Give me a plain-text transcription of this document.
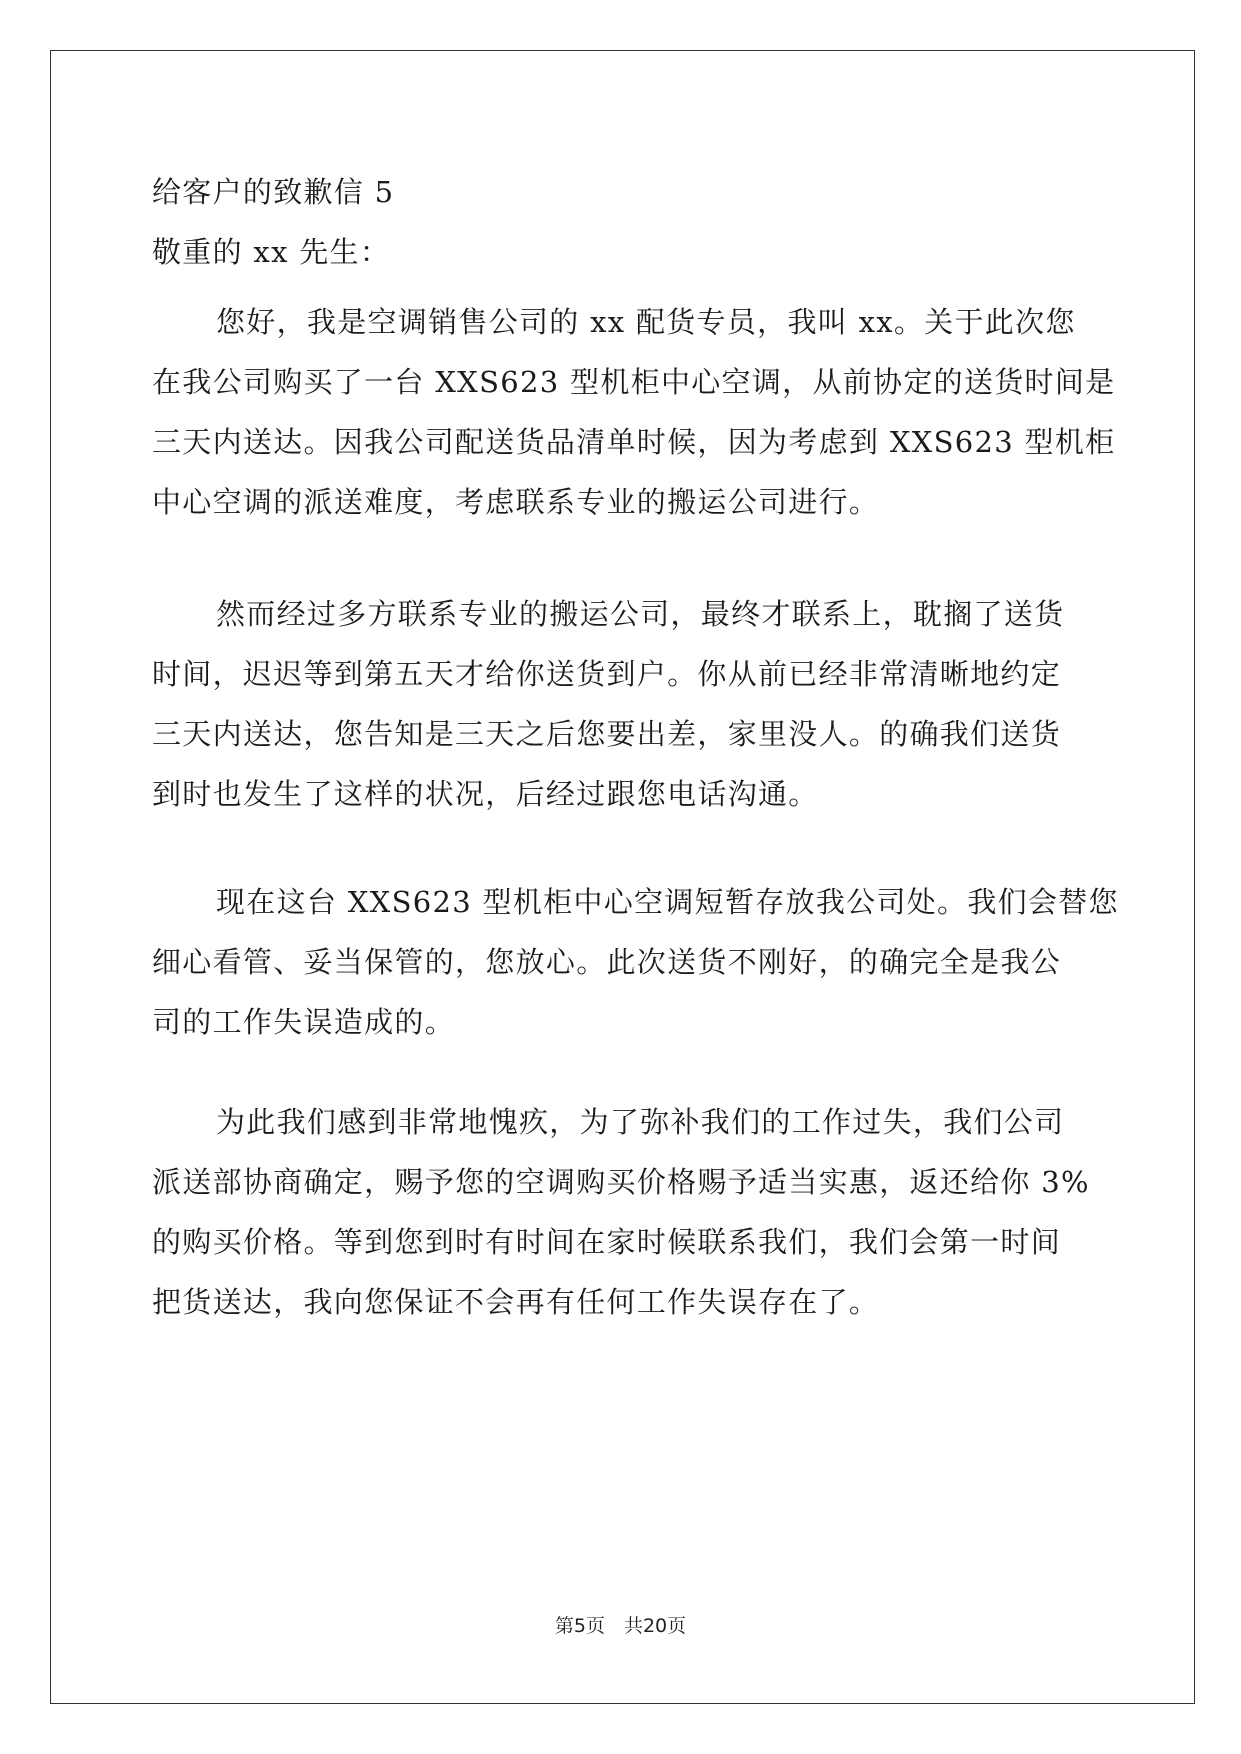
给客户的致歉信 5
敬重的 xx 先生：
您好，我是空调销售公司的 xx 配货专员，我叫 xx。关于此次您
在我公司购买了一台 XXS623 型机柜中心空调，从前协定的送货时间是
三天内送达。因我公司配送货品清单时候，因为考虑到 XXS623 型机柜
中心空调的派送难度，考虑联系专业的搬运公司进行。
然而经过多方联系专业的搬运公司，最终才联系上，耽搁了送货
时间，迟迟等到第五天才给你送货到户。你从前已经非常清晰地约定
三天内送达，您告知是三天之后您要出差，家里没人。的确我们送货
到时也发生了这样的状况，后经过跟您电话沟通。
现在这台 XXS623 型机柜中心空调短暂存放我公司处。我们会替您
细心看管、妥当保管的，您放心。此次送货不刚好，的确完全是我公
司的工作失误造成的。
为此我们感到非常地愧疚，为了弥补我们的工作过失，我们公司
派送部协商确定，赐予您的空调购买价格赐予适当实惠，返还给你 3%
的购买价格。等到您到时有时间在家时候联系我们，我们会第一时间
把货送达，我向您保证不会再有任何工作失误存在了。
第5页　共20页
